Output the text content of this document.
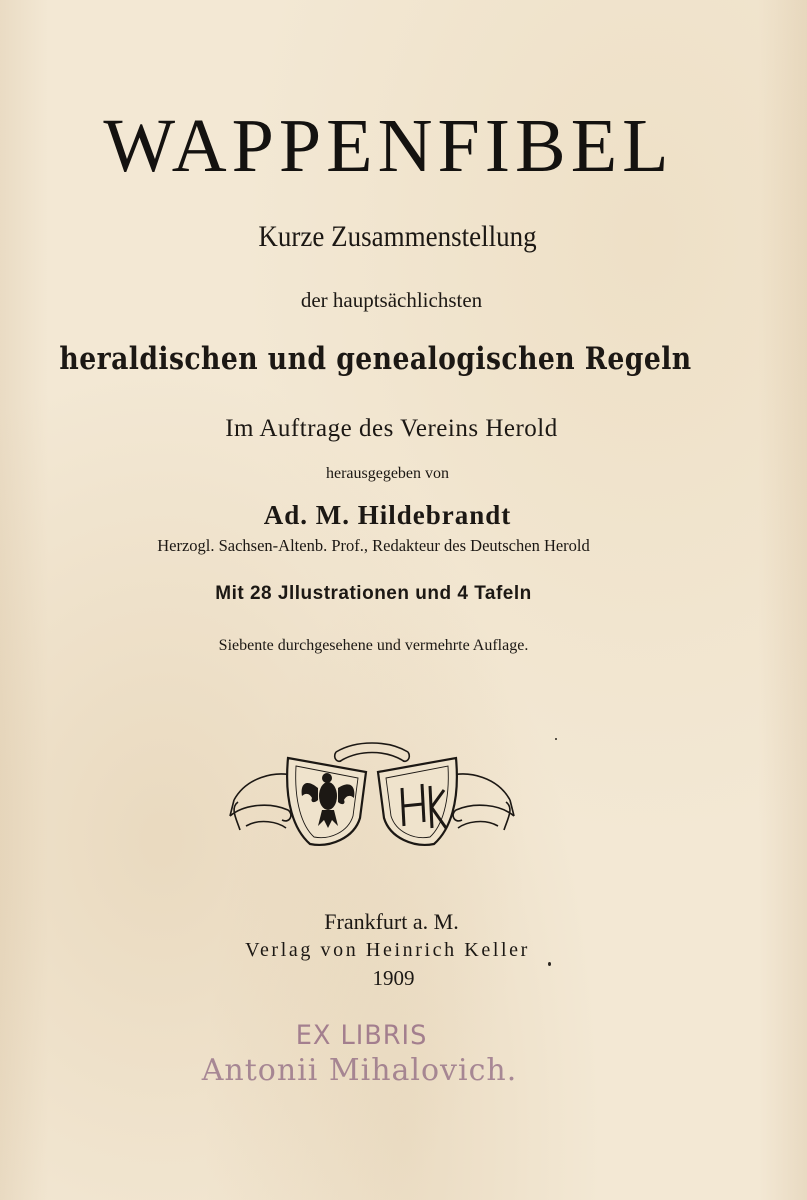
WAPPENFIBEL
Kurze Zusammenstellung
der hauptsächlichsten
heraldischen und genealogischen Regeln
Im Auftrage des Vereins Herold
herausgegeben von
Ad. M. Hildebrandt
Herzogl. Sachsen-Altenb. Prof., Redakteur des Deutschen Herold
Mit 28 Jllustrationen und 4 Tafeln
Siebente durchgesehene und vermehrte Auflage.
Frankfurt a. M.
Verlag von Heinrich Keller
1909
EX LIBRIS
Antonii Mihalovich.
